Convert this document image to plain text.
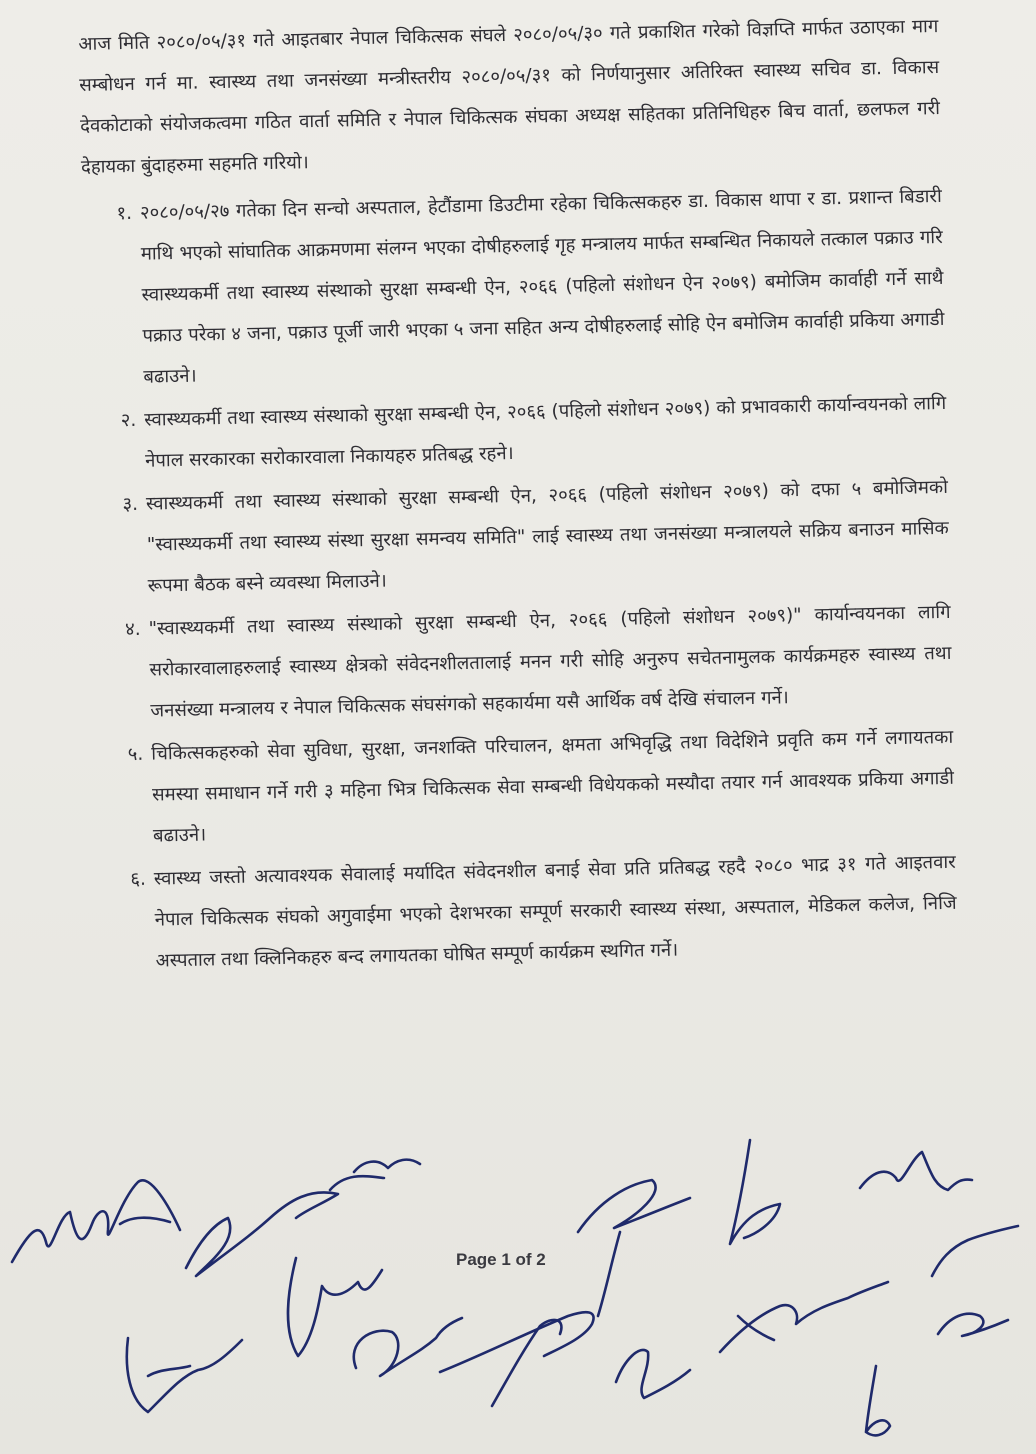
आज मिति २०८०/०५/३१ गते आइतबार नेपाल चिकित्सक संघले २०८०/०५/३० गते प्रकाशित गरेको विज्ञप्ति मार्फत उठाएका माग सम्बोधन गर्न मा. स्वास्थ्य तथा जनसंख्या मन्त्रीस्तरीय २०८०/०५/३१ को निर्णयानुसार अतिरिक्त स्वास्थ्य सचिव डा. विकास देवकोटाको संयोजकत्वमा गठित वार्ता समिति र नेपाल चिकित्सक संघका अध्यक्ष सहितका प्रतिनिधिहरु बिच वार्ता, छलफल गरी देहायका बुंदाहरुमा सहमति गरियो।

१. २०८०/०५/२७ गतेका दिन सन्चो अस्पताल, हेटौंडामा डिउटीमा रहेका चिकित्सकहरु डा. विकास थापा र डा. प्रशान्त बिडारी माथि भएको सांघातिक आक्रमणमा संलग्न भएका दोषीहरुलाई गृह मन्त्रालय मार्फत सम्बन्धित निकायले तत्काल पक्राउ गरि स्वास्थ्यकर्मी तथा स्वास्थ्य संस्थाको सुरक्षा सम्बन्धी ऐन, २०६६ (पहिलो संशोधन ऐन २०७९) बमोजिम कार्वाही गर्ने साथै पक्राउ परेका ४ जना, पक्राउ पूर्जी जारी भएका ५ जना सहित अन्य दोषीहरुलाई सोहि ऐन बमोजिम कार्वाही प्रकिया अगाडी बढाउने।
२. स्वास्थ्यकर्मी तथा स्वास्थ्य संस्थाको सुरक्षा सम्बन्धी ऐन, २०६६ (पहिलो संशोधन २०७९) को प्रभावकारी कार्यान्वयनको लागि नेपाल सरकारका सरोकारवाला निकायहरु प्रतिबद्ध रहने।
३. स्वास्थ्यकर्मी तथा स्वास्थ्य संस्थाको सुरक्षा सम्बन्धी ऐन, २०६६ (पहिलो संशोधन २०७९) को दफा ५ बमोजिमको "स्वास्थ्यकर्मी तथा स्वास्थ्य संस्था सुरक्षा समन्वय समिति" लाई स्वास्थ्य तथा जनसंख्या मन्त्रालयले सक्रिय बनाउन मासिक रूपमा बैठक बस्ने व्यवस्था मिलाउने।
४. "स्वास्थ्यकर्मी तथा स्वास्थ्य संस्थाको सुरक्षा सम्बन्धी ऐन, २०६६ (पहिलो संशोधन २०७९)" कार्यान्वयनका लागि सरोकारवालाहरुलाई स्वास्थ्य क्षेत्रको संवेदनशीलतालाई मनन गरी सोहि अनुरुप सचेतनामुलक कार्यक्रमहरु स्वास्थ्य तथा जनसंख्या मन्त्रालय र नेपाल चिकित्सक संघसंगको सहकार्यमा यसै आर्थिक वर्ष देखि संचालन गर्ने।
५. चिकित्सकहरुको सेवा सुविधा, सुरक्षा, जनशक्ति परिचालन, क्षमता अभिवृद्धि तथा विदेशिने प्रवृति कम गर्ने लगायतका समस्या समाधान गर्ने गरी ३ महिना भित्र चिकित्सक सेवा सम्बन्धी विधेयकको मस्यौदा तयार गर्न आवश्यक प्रकिया अगाडी बढाउने।
६. स्वास्थ्य जस्तो अत्यावश्यक सेवालाई मर्यादित संवेदनशील बनाई सेवा प्रति प्रतिबद्ध रहदै २०८० भाद्र ३१ गते आइतवार नेपाल चिकित्सक संघको अगुवाईमा भएको देशभरका सम्पूर्ण सरकारी स्वास्थ्य संस्था, अस्पताल, मेडिकल कलेज, निजि अस्पताल तथा क्लिनिकहरु बन्द लगायतका घोषित सम्पूर्ण कार्यक्रम स्थगित गर्ने।
Page 1 of 2
